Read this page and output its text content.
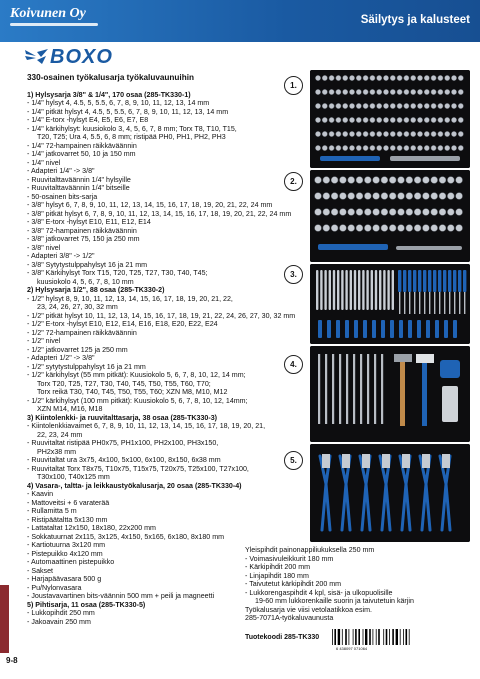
Koivunen Oy	Säilytys ja kalusteet
BOXO
330-osainen työkalusarja työkaluvaunuihin
1) Hylsysarja 3/8" & 1/4", 170 osaa (285-TK330-1)
- 1/4" hylsyt 4, 4.5, 5, 5.5, 6, 7, 8, 9, 10, 11, 12, 13, 14 mm
- 1/4" pitkät hylsyt 4, 4.5, 5, 5.5, 6, 7, 8, 9, 10, 11, 12, 13, 14 mm
- 1/4" E-torx -hylsyt E4, E5, E6, E7, E8
- 1/4" kärkihylsyt: kuusiokolo 3, 4, 5, 6, 7, 8 mm; Torx T8, T10, T15,
T20, T25; Ura 4, 5.5, 6, 8 mm; ristipää PH0, PH1, PH2, PH3
- 1/4" 72-hampainen räikkäväännin
- 1/4" jatkovarret 50, 10 ja 150 mm
- 1/4" nivel
- Adapteri 1/4" -> 3/8"
- Ruuvitalttaväännin 1/4" hylsyille
- Ruuvitalttaväännin 1/4" bitseille
- 50-osainen bits-sarja
- 3/8" hylsyt 6, 7, 8, 9, 10, 11, 12, 13, 14, 15, 16, 17, 18, 19, 20, 21, 22, 24 mm
- 3/8" pitkät hylsyt 6, 7, 8, 9, 10, 11, 12, 13, 14, 15, 16, 17, 18, 19, 20, 21, 22, 24 mm
- 3/8" E-torx -hylsyt E10, E11, E12, E14
- 3/8" 72-hampainen räikkäväännin
- 3/8" jatkovarret 75, 150 ja 250 mm
- 3/8" nivel
- Adapteri 3/8" -> 1/2"
- 3/8" Sytytystulppahylsyt 16 ja 21 mm
- 3/8" Kärkihylsyt Torx T15, T20, T25, T27, T30, T40, T45;
kuusiokolo 4, 5, 6, 7, 8, 10 mm
2) Hylsysarja 1/2", 88 osaa (285-TK330-2)
- 1/2" hylsyt 8, 9, 10, 11, 12, 13, 14, 15, 16, 17, 18, 19, 20, 21, 22,
23, 24, 26, 27, 30, 32 mm
- 1/2" pitkät hylsyt 10, 11, 12, 13, 14, 15, 16, 17, 18, 19, 21, 22, 24, 26, 27, 30, 32 mm
- 1/2" E-torx -hylsyt E10, E12, E14, E16, E18, E20, E22, E24
- 1/2" 72-hampainen räikkäväännin
- 1/2" nivel
- 1/2" jatkovarret 125 ja 250 mm
- Adapteri 1/2" -> 3/8"
- 1/2" sytytystulppahylsyt 16 ja 21 mm
- 1/2" kärkihylsyt (55 mm pitkät): Kuusiokolo 5, 6, 7, 8, 10, 12, 14 mm;
Torx T20, T25, T27, T30, T40, T45, T50, T55, T60, T70;
Torx reikä T30, T40, T45, T50, T55, T60; XZN M8, M10, M12
- 1/2" kärkihylsyt (100 mm pitkät): Kuusiokolo 5, 6, 7, 8, 10, 12, 14mm;
XZN M14, M16, M18
3) Kiintolenkki- ja ruuvitalttasarja, 38 osaa (285-TK330-3)
- Kiintolenkkiavaimet 6, 7, 8, 9, 10, 11, 12, 13, 14, 15, 16, 17, 18, 19, 20, 21,
22, 23, 24 mm
- Ruuvitaltat ristipää PH0x75, PH1x100, PH2x100, PH3x150,
PH2x38 mm
- Ruuvitaltat ura 3x75, 4x100, 5x100, 6x100, 8x150, 6x38 mm
- Ruuvitaltat Torx T8x75, T10x75, T15x75, T20x75, T25x100, T27x100,
T30x100, T40x125 mm
4) Vasara-, taltta- ja leikkaustyökalusarja, 20 osaa (285-TK330-4)
- Kaavin
- Mattoveitsi + 6 varaterää
- Rullamitta 5 m
- Ristipäätaltta 5x130 mm
- Lattataltat 12x150, 18x180, 22x200 mm
- Sokkatuurnat 2x115, 3x125, 4x150, 5x165, 6x180, 8x180 mm
- Kartiotuurna 3x120 mm
- Pistepuikko 4x120 mm
- Automaattinen pistepuikko
- Sakset
- Harjapäävasara 500 g
- Pu/Nylonvasara
- Joustavavartinen bits-väännin 500 mm + peili ja magneetti
5) Pihtisarja, 11 osaa (285-TK330-5)
- Lukkopihdit 250 mm
- Jakoavain 250 mm
Yleispihdit painonappiliukuksella 250 mm
- Voimasivuleikkurit 180 mm
- Kärkipihdit 200 mm
- Linjapihdit 180 mm
- Taivutetut kärkipihdit 200 mm
- Lukkorengaspihdit 4 kpl, sisä- ja ulkopuolisille
19-60 mm lukkorenkaille suorin ja taivutetuin kärjin
Työkalusarja vie viisi vetolaatikkoa esim.
285-7071A-työkaluvaunusta
Tuotekoodi 285-TK330
6 438097 071064
1.
2.
3.
4.
5.
9-8
